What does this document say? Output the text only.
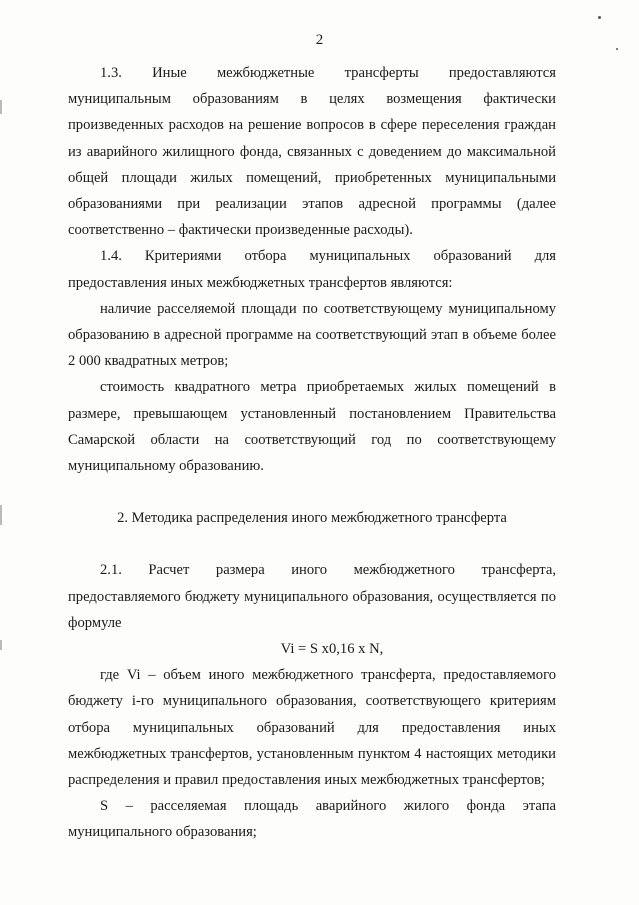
2

1.3. Иные межбюджетные трансферты предоставляются муниципальным образованиям в целях возмещения фактически произведенных расходов на решение вопросов в сфере переселения граждан из аварийного жилищного фонда, связанных с доведением до максимальной общей площади жилых помещений, приобретенных муниципальными образованиями при реализации этапов адресной программы (далее соответственно – фактически произведенные расходы).

1.4. Критериями отбора муниципальных образований для предоставления иных межбюджетных трансфертов являются:

наличие расселяемой площади по соответствующему муниципальному образованию в адресной программе на соответствующий этап в объеме более 2 000 квадратных метров;

стоимость квадратного метра приобретаемых жилых помещений в размере, превышающем установленный постановлением Правительства Самарской области на соответствующий год по соответствующему муниципальному образованию.

2. Методика распределения иного межбюджетного трансферта

2.1. Расчет размера иного межбюджетного трансферта, предоставляемого бюджету муниципального образования, осуществляется по формуле

Vi = S x0,16 x N,

где Vi – объем иного межбюджетного трансферта, предоставляемого бюджету i-го муниципального образования, соответствующего критериям отбора муниципальных образований для предоставления иных межбюджетных трансфертов, установленным пунктом 4 настоящих методики распределения и правил предоставления иных межбюджетных трансфертов;

S – расселяемая площадь аварийного жилого фонда этапа муниципального образования;
